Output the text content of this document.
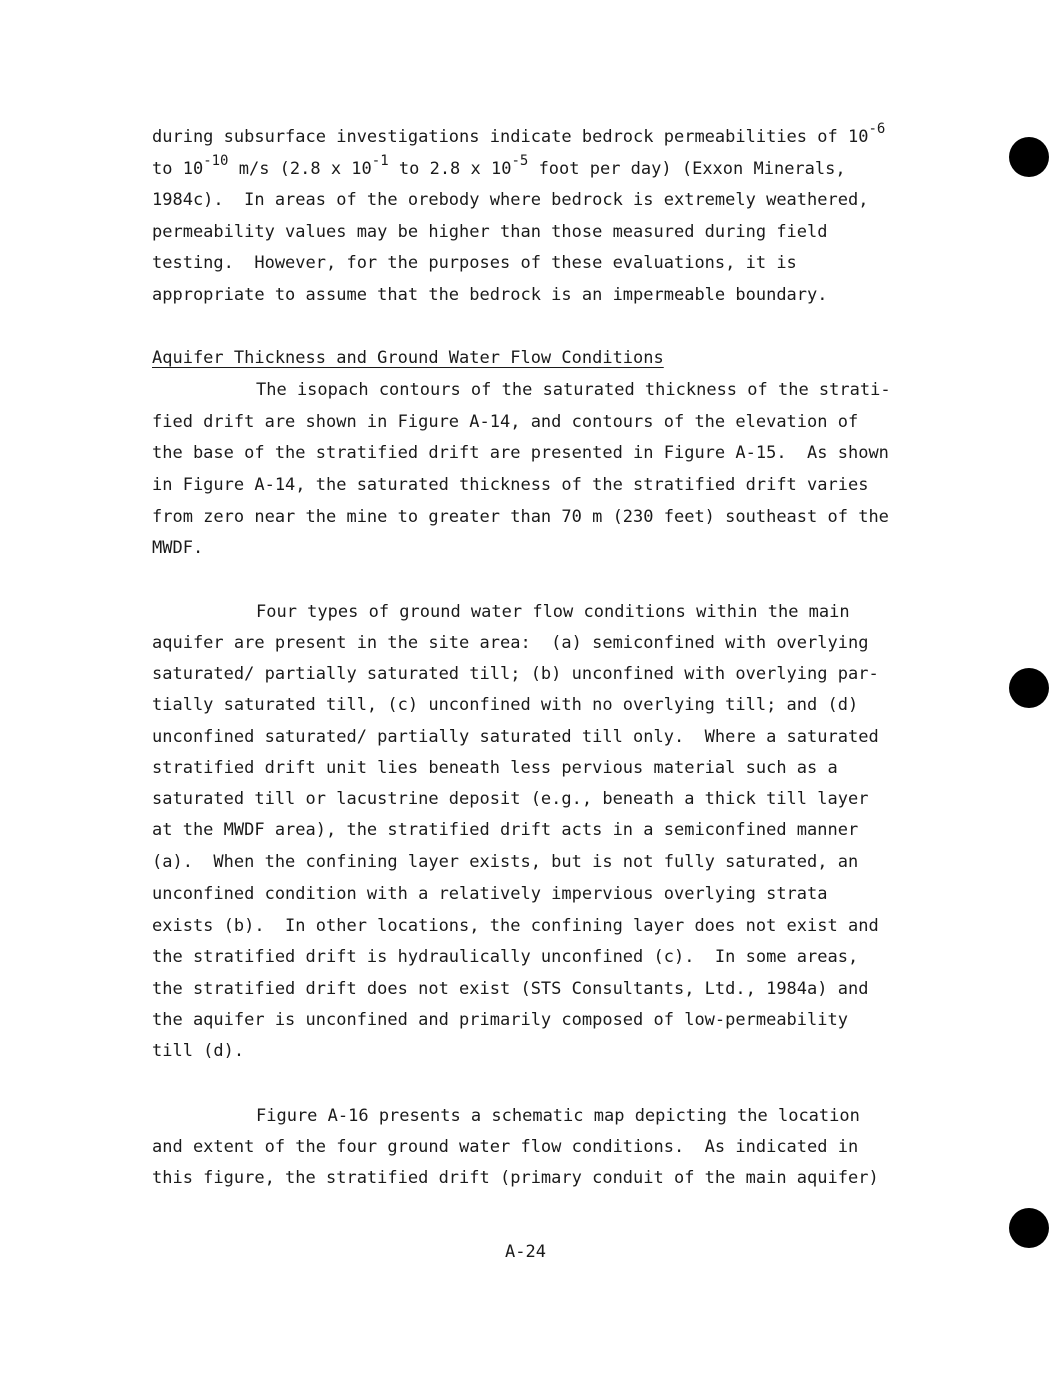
during subsurface investigations indicate bedrock permeabilities of $10^{-6}$
to $10^{-10}$ m/s (2.8 x $10^{-1}$ to 2.8 x $10^{-5}$ foot per day) (Exxon Minerals,
1984c).  In areas of the orebody where bedrock is extremely weathered,
permeability values may be higher than those measured during field
testing.  However, for the purposes of these evaluations, it is
appropriate to assume that the bedrock is an impermeable boundary.
Aquifer Thickness and Ground Water Flow Conditions
The isopach contours of the saturated thickness of the strati-
fied drift are shown in Figure A-14, and contours of the elevation of
the base of the stratified drift are presented in Figure A-15.  As shown
in Figure A-14, the saturated thickness of the stratified drift varies
from zero near the mine to greater than 70 m (230 feet) southeast of the
MWDF.
Four types of ground water flow conditions within the main
aquifer are present in the site area:  (a) semiconfined with overlying
saturated/ partially saturated till; (b) unconfined with overlying par-
tially saturated till, (c) unconfined with no overlying till; and (d)
unconfined saturated/ partially saturated till only.  Where a saturated
stratified drift unit lies beneath less pervious material such as a
saturated till or lacustrine deposit (e.g., beneath a thick till layer
at the MWDF area), the stratified drift acts in a semiconfined manner
(a).  When the confining layer exists, but is not fully saturated, an
unconfined condition with a relatively impervious overlying strata
exists (b).  In other locations, the confining layer does not exist and
the stratified drift is hydraulically unconfined (c).  In some areas,
the stratified drift does not exist (STS Consultants, Ltd., 1984a) and
the aquifer is unconfined and primarily composed of low-permeability
till (d).
Figure A-16 presents a schematic map depicting the location
and extent of the four ground water flow conditions.  As indicated in
this figure, the stratified drift (primary conduit of the main aquifer)
A-24
